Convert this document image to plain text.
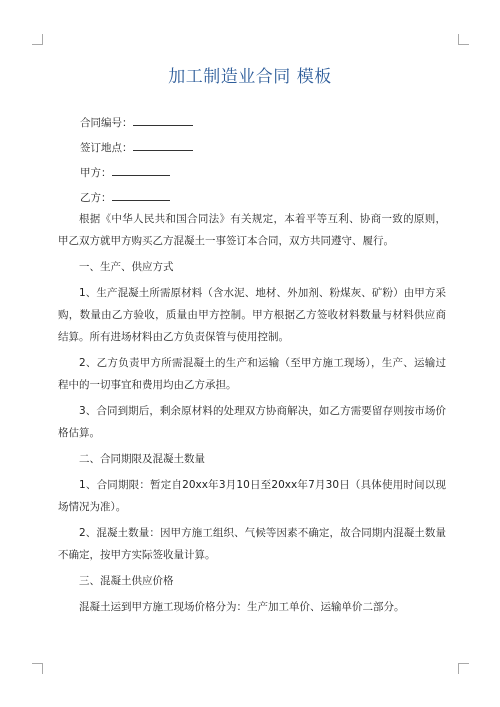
加工制造业合同 模板
合同编号：
签订地点：
甲方：
乙方：

根据《中华人民共和国合同法》有关规定，本着平等互利、协商一致的原则，甲乙双方就甲方购买乙方混凝土一事签订本合同，双方共同遵守、履行。

一、生产、供应方式

1、生产混凝土所需原材料（含水泥、地材、外加剂、粉煤灰、矿粉）由甲方采购，数量由乙方验收，质量由甲方控制。甲方根据乙方签收材料数量与材料供应商结算。所有进场材料由乙方负责保管与使用控制。

2、乙方负责甲方所需混凝土的生产和运输（至甲方施工现场），生产、运输过程中的一切事宜和费用均由乙方承担。

3、合同到期后，剩余原材料的处理双方协商解决，如乙方需要留存则按市场价格估算。

二、合同期限及混凝土数量

1、合同期限：暂定自20xx年3月10日至20xx年7月30日（具体使用时间以现场情况为准）。

2、混凝土数量：因甲方施工组织、气候等因素不确定，故合同期内混凝土数量不确定，按甲方实际签收量计算。

三、混凝土供应价格

混凝土运到甲方施工现场价格分为：生产加工单价、运输单价二部分。
